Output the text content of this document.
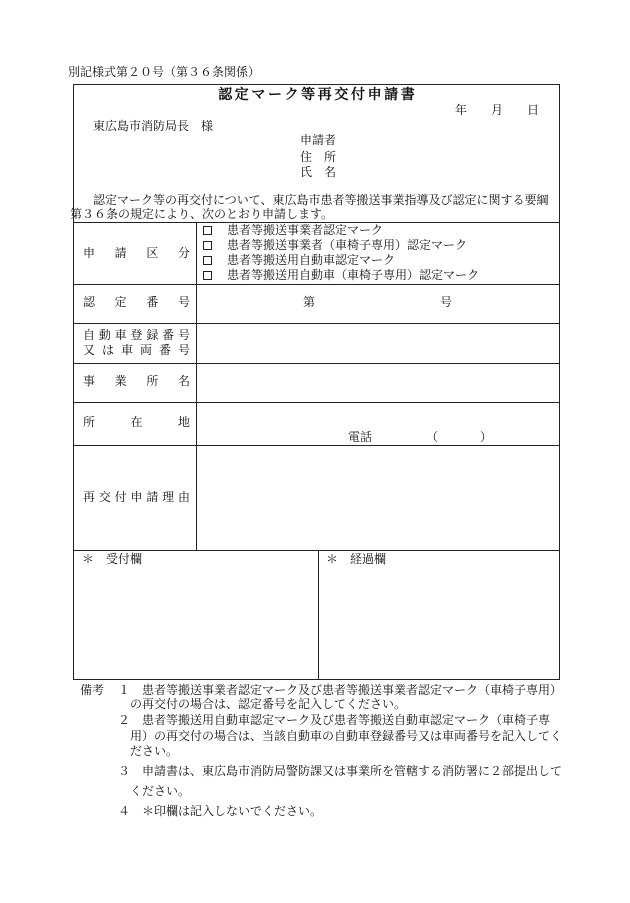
別記様式第２０号（第３６条関係）
認定マーク等再交付申請書
年　　月　　日
東広島市消防局長　様
申請者
住　所
氏　名
認定マーク等の再交付について、東広島市患者等搬送事業指導及び認定に関する要綱
第３６条の規定により、次のとおり申請します。
申請区分
患者等搬送事業者認定マーク
患者等搬送事業者（車椅子専用）認定マーク
患者等搬送用自動車認定マーク
患者等搬送用自動車（車椅子専用）認定マーク
認定番号	第	号
自動車登録番号
又は車両番号
事業所名
所在地
電話	（	）
再交付申請理由
＊　受付欄	＊　経過欄
備考 １ 患者等搬送事業者認定マーク及び患者等搬送事業者認定マーク（車椅子専用）
の再交付の場合は、認定番号を記入してください。
２ 患者等搬送用自動車認定マーク及び患者等搬送自動車認定マーク（車椅子専
用）の再交付の場合は、当該自動車の自動車登録番号又は車両番号を記入してく
ださい。
３ 申請書は、東広島市消防局警防課又は事業所を管轄する消防署に２部提出して
ください。
４ ＊印欄は記入しないでください。
